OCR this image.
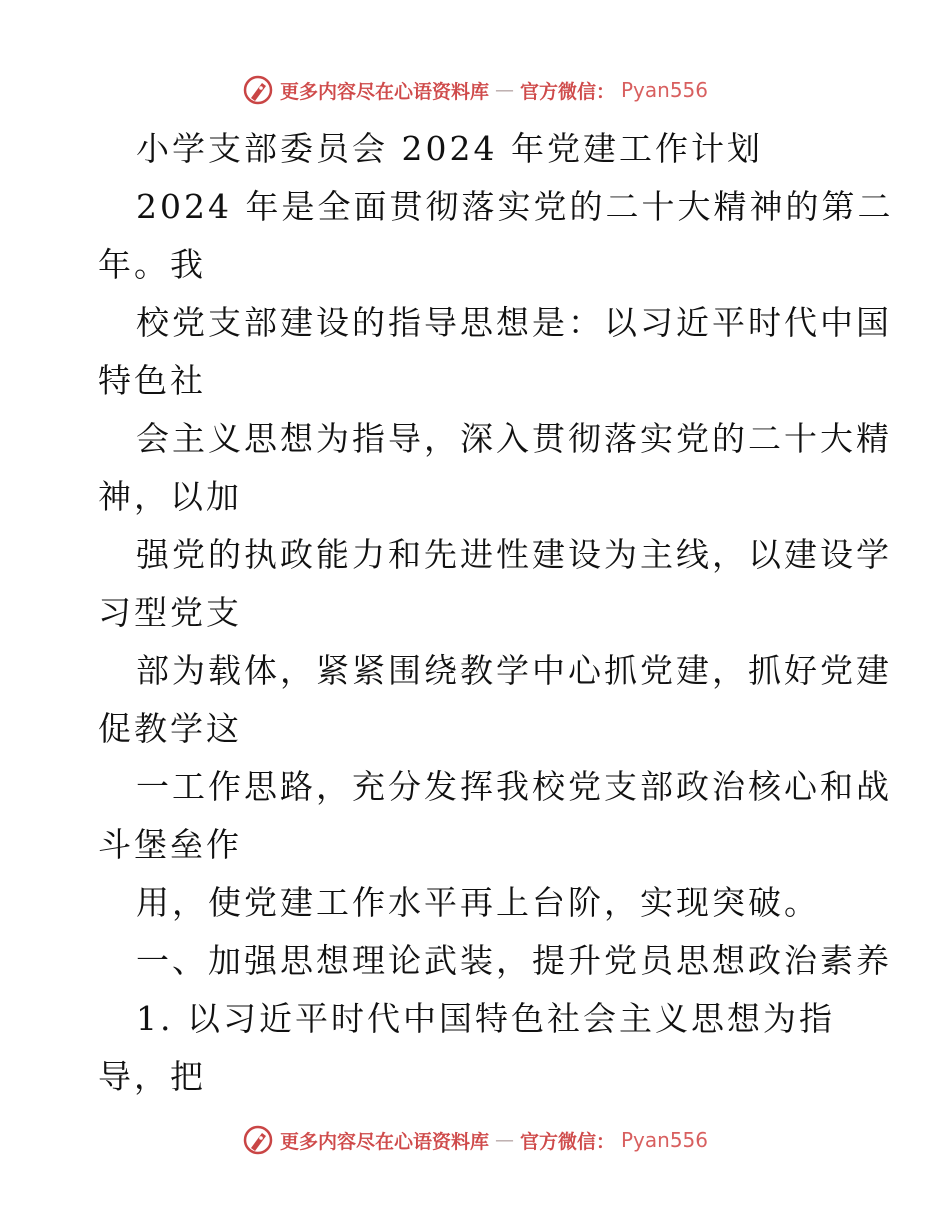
更多内容尽在心语资料库 — 官方微信： Pyan556
小学支部委员会 2024 年党建工作计划
2024 年是全面贯彻落实党的二十大精神的第二
年。我
校党支部建设的指导思想是：以习近平时代中国
特色社
会主义思想为指导，深入贯彻落实党的二十大精
神，以加
强党的执政能力和先进性建设为主线，以建设学
习型党支
部为载体，紧紧围绕教学中心抓党建，抓好党建
促教学这
一工作思路，充分发挥我校党支部政治核心和战
斗堡垒作
用，使党建工作水平再上台阶，实现突破。
一、加强思想理论武装，提升党员思想政治素养
1. 以习近平时代中国特色社会主义思想为指
导，把
更多内容尽在心语资料库 — 官方微信： Pyan556
